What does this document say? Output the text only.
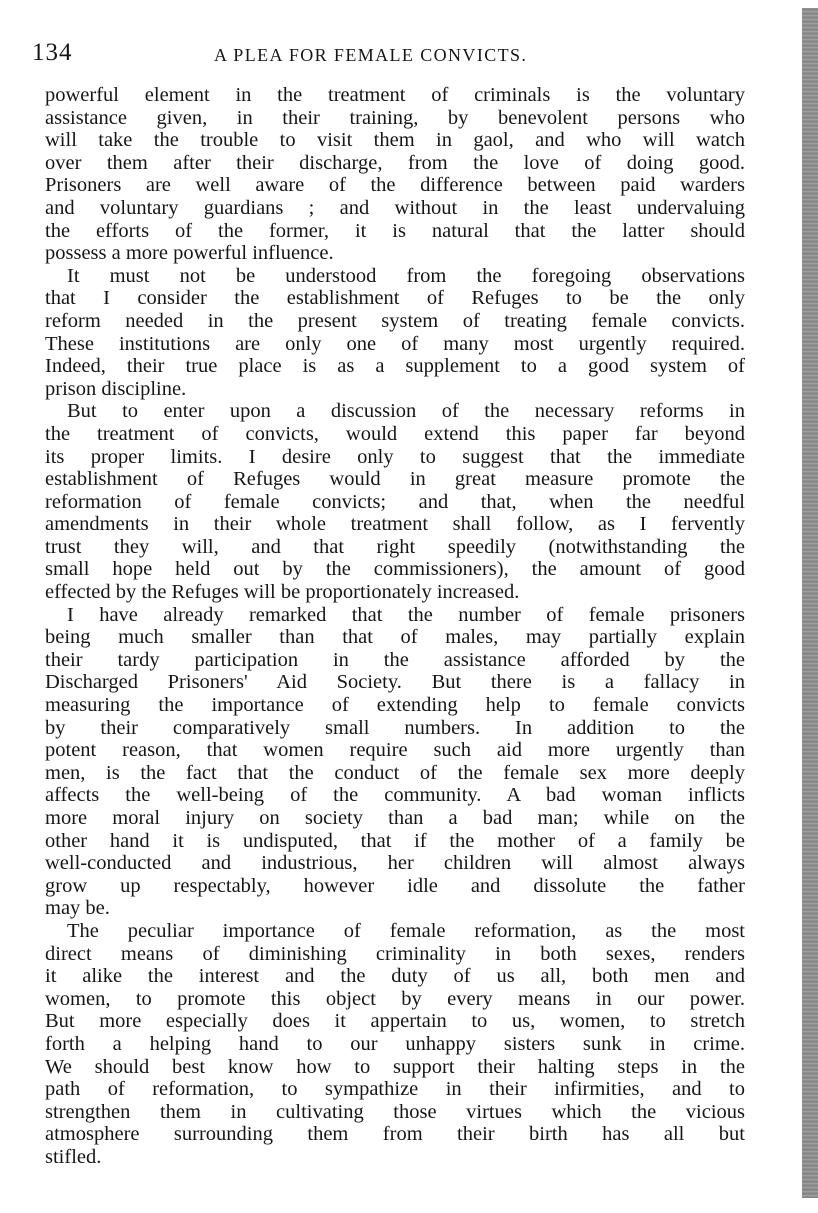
134	A PLEA FOR FEMALE CONVICTS.
powerful element in the treatment of criminals is the voluntary
assistance given, in their training, by benevolent persons who
will take the trouble to visit them in gaol, and who will watch
over them after their discharge, from the love of doing good.
Prisoners are well aware of the difference between paid warders
and voluntary guardians ; and without in the least undervaluing
the efforts of the former, it is natural that the latter should
possess a more powerful influence.
It must not be understood from the foregoing observations
that I consider the establishment of Refuges to be the only
reform needed in the present system of treating female convicts.
These institutions are only one of many most urgently required.
Indeed, their true place is as a supplement to a good system of
prison discipline.
But to enter upon a discussion of the necessary reforms in
the treatment of convicts, would extend this paper far beyond
its proper limits. I desire only to suggest that the immediate
establishment of Refuges would in great measure promote the
reformation of female convicts; and that, when the needful
amendments in their whole treatment shall follow, as I fervently
trust they will, and that right speedily (notwithstanding the
small hope held out by the commissioners), the amount of good
effected by the Refuges will be proportionately increased.
I have already remarked that the number of female prisoners
being much smaller than that of males, may partially explain
their tardy participation in the assistance afforded by the
Discharged Prisoners' Aid Society. But there is a fallacy in
measuring the importance of extending help to female convicts
by their comparatively small numbers. In addition to the
potent reason, that women require such aid more urgently than
men, is the fact that the conduct of the female sex more deeply
affects the well-being of the community. A bad woman inflicts
more moral injury on society than a bad man; while on the
other hand it is undisputed, that if the mother of a family be
well-conducted and industrious, her children will almost always
grow up respectably, however idle and dissolute the father
may be.
The peculiar importance of female reformation, as the most
direct means of diminishing criminality in both sexes, renders
it alike the interest and the duty of us all, both men and
women, to promote this object by every means in our power.
But more especially does it appertain to us, women, to stretch
forth a helping hand to our unhappy sisters sunk in crime.
We should best know how to support their halting steps in the
path of reformation, to sympathize in their infirmities, and to
strengthen them in cultivating those virtues which the vicious
atmosphere surrounding them from their birth has all but
stifled.
